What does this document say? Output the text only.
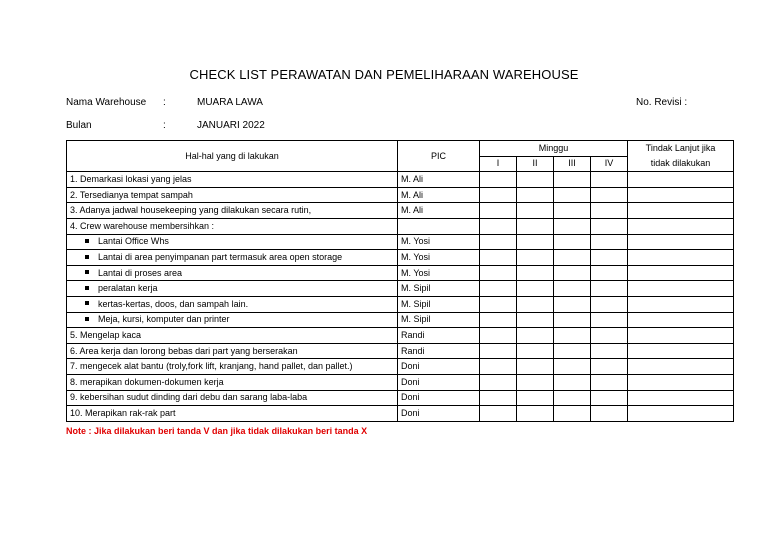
CHECK LIST PERAWATAN DAN PEMELIHARAAN WAREHOUSE
Nama Warehouse :	MUARA LAWA	No. Revisi :
Bulan	:	JANUARI 2022
Hal-hal yang di lakukan	PIC	Minggu				Tindak Lanjut jika
tidak dilakukan
		I	II	III	IV	
1. Demarkasi lokasi yang jelas	M. Ali					
2. Tersedianya tempat sampah	M. Ali					
3. Adanya jadwal housekeeping yang dilakukan secara rutin,	M. Ali					
4. Crew warehouse membersihkan :						
Lantai Office Whs	M. Yosi					
Lantai di area penyimpanan part termasuk area open storage	M. Yosi					
Lantai di proses area	M. Yosi					
peralatan kerja	M. Sipil					
kertas-kertas, doos, dan sampah lain.	M. Sipil					
Meja, kursi, komputer dan printer	M. Sipil					
5. Mengelap kaca	Randi					
6. Area kerja dan lorong bebas dari part yang berserakan	Randi					
7. mengecek alat bantu (troly,fork lift, kranjang, hand pallet, dan pallet.)	Doni					
8. merapikan dokumen-dokumen kerja	Doni					
9. kebersihan sudut dinding dari debu dan sarang laba-laba	Doni					
10. Merapikan rak-rak part	Doni					
Note : Jika dilakukan beri tanda V dan jika tidak dilakukan beri tanda X
